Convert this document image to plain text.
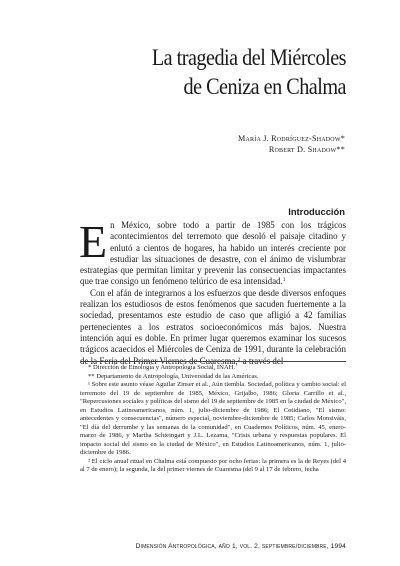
La tragedia del Miércoles
de Ceniza en Chalma
María J. Rodríguez-Shadow*
Robert D. Shadow**
Introducción

En México, sobre todo a partir de 1985 con los trágicos acontecimientos del terremoto que desoló el paisaje citadino y enlutó a cientos de hogares, ha habido un interés creciente por estudiar las situaciones de desastre, con el ánimo de vislumbrar estrategias que permitan limitar y prevenir las consecuencias impactantes que trae consigo un fenómeno telúrico de esa intensidad.$^1$

Con el afán de integrarnos a los esfuerzos que desde diversos enfoques realizan los estudiosos de estos fenómenos que sacuden fuertemente a la sociedad, presentamos este estudio de caso que afligió a 42 familias pertenecientes a los estratos socioeconómicos más bajos. Nuestra intención aquí es doble. En primer lugar queremos examinar los sucesos trágicos acaecidos el Miércoles de Ceniza de 1991, durante la celebración de la Feria del Primer Viernes de Cuaresma,$^2$ a través del

* Dirección de Etnología y Antropología Social, INAH.

** Departamento de Antropología, Universidad de las Américas.

¹ Sobre este asunto véase Aguilar Zinser et al., Aún tiembla. Sociedad, política y cambio social: el terremoto del 19 de septiembre de 1985, México, Grijalbo, 1986; Gloria Carrillo et al., "Repercusiones sociales y políticas del sismo del 19 de septiembre de 1985 en la ciudad de México", en Estudios Latinoamericanos, núm. 1, julio-diciembre de 1986; El Cotidiano, "El sismo: antecedentes y consecuencias", número especial, noviembre-diciembre de 1985; Carlos Monsiváis, "El día del derrumbe y las semanas de la comunidad", en Cuadernos Políticos, núm. 45, enero-marzo de 1986, y Martha Schteingart y J.L. Lezama, "Crisis urbana y respuestas populares. El impacto social del sismo en la ciudad de México", en Estudios Latinoamericanos, núm. 1, julio-diciembre de 1986.

² El ciclo anual ritual en Chalma está compuesto por ocho ferias: la primera es la de Reyes (del 4 al 7 de enero); la segunda, la del primer viernes de Cuaresma (del 9 al 17 de febrero, fecha

Dimensión Antropológica, año 1, vol. 2, septiembre/diciembre, 1994
